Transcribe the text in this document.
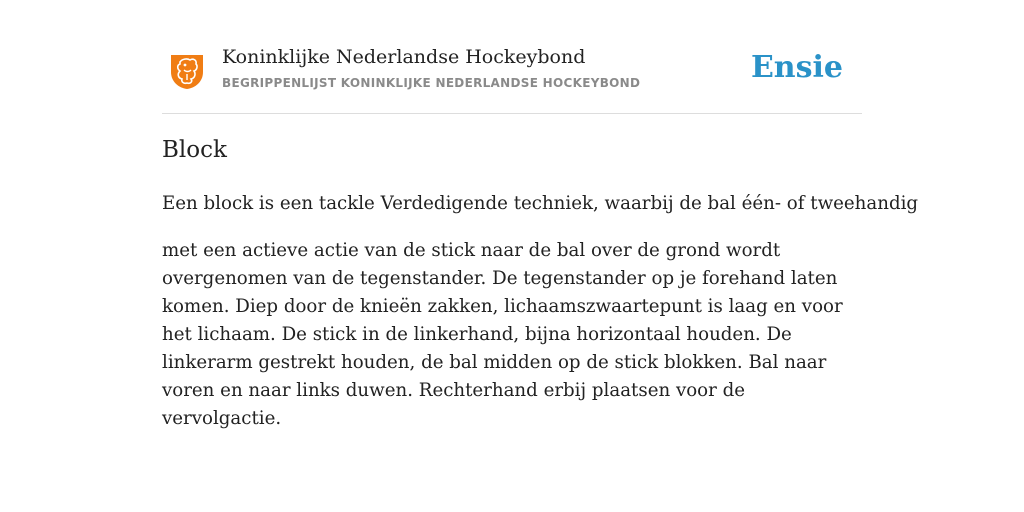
Koninklijke Nederlandse Hockeybond
BEGRIPPENLIJST KONINKLIJKE NEDERLANDSE HOCKEYBOND	Ensie
Block

Een block is een tackle Verdedigende techniek, waarbij de bal één- of tweehandig

met een actieve actie van de stick naar de bal over de grond wordt overgenomen van de tegenstander. De tegenstander op je forehand laten komen. Diep door de knieën zakken, lichaamszwaartepunt is laag en voor het lichaam. De stick in de linkerhand, bijna horizontaal houden. De linkerarm gestrekt houden, de bal midden op de stick blokken. Bal naar voren en naar links duwen. Rechterhand erbij plaatsen voor de vervolgactie.
